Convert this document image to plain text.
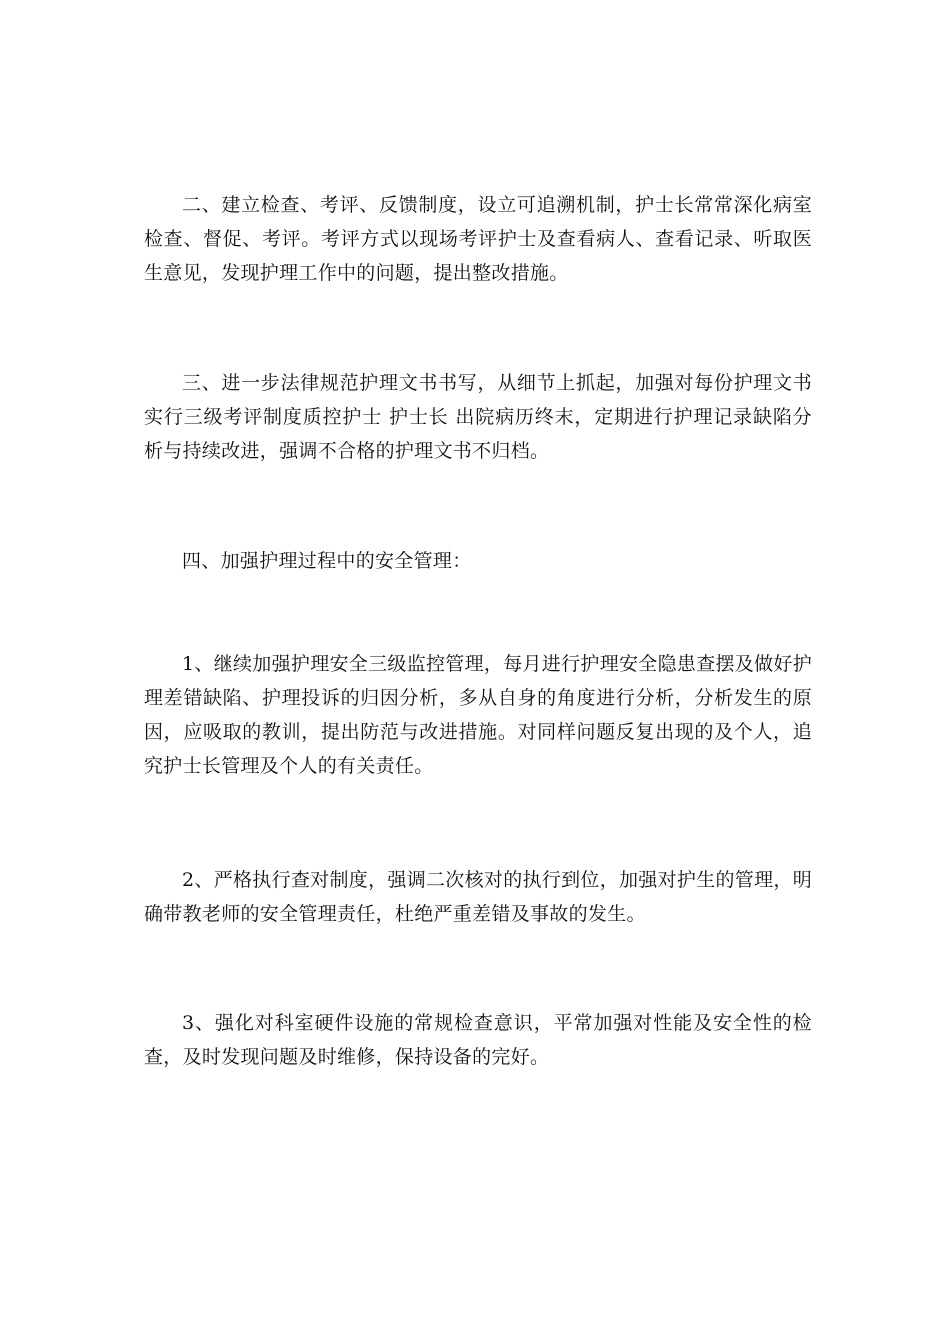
二、建立检查、考评、反馈制度，设立可追溯机制，护士长常常深化病室检查、督促、考评。考评方式以现场考评护士及查看病人、查看记录、听取医生意见，发现护理工作中的问题，提出整改措施。

三、进一步法律规范护理文书书写，从细节上抓起，加强对每份护理文书实行三级考评制度质控护士 护士长 出院病历终末，定期进行护理记录缺陷分析与持续改进，强调不合格的护理文书不归档。

四、加强护理过程中的安全管理：

1、继续加强护理安全三级监控管理，每月进行护理安全隐患查摆及做好护理差错缺陷、护理投诉的归因分析，多从自身的角度进行分析，分析发生的原因，应吸取的教训，提出防范与改进措施。对同样问题反复出现的及个人，追究护士长管理及个人的有关责任。

2、严格执行查对制度，强调二次核对的执行到位，加强对护生的管理，明确带教老师的安全管理责任，杜绝严重差错及事故的发生。

3、强化对科室硬件设施的常规检查意识，平常加强对性能及安全性的检查，及时发现问题及时维修，保持设备的完好。
